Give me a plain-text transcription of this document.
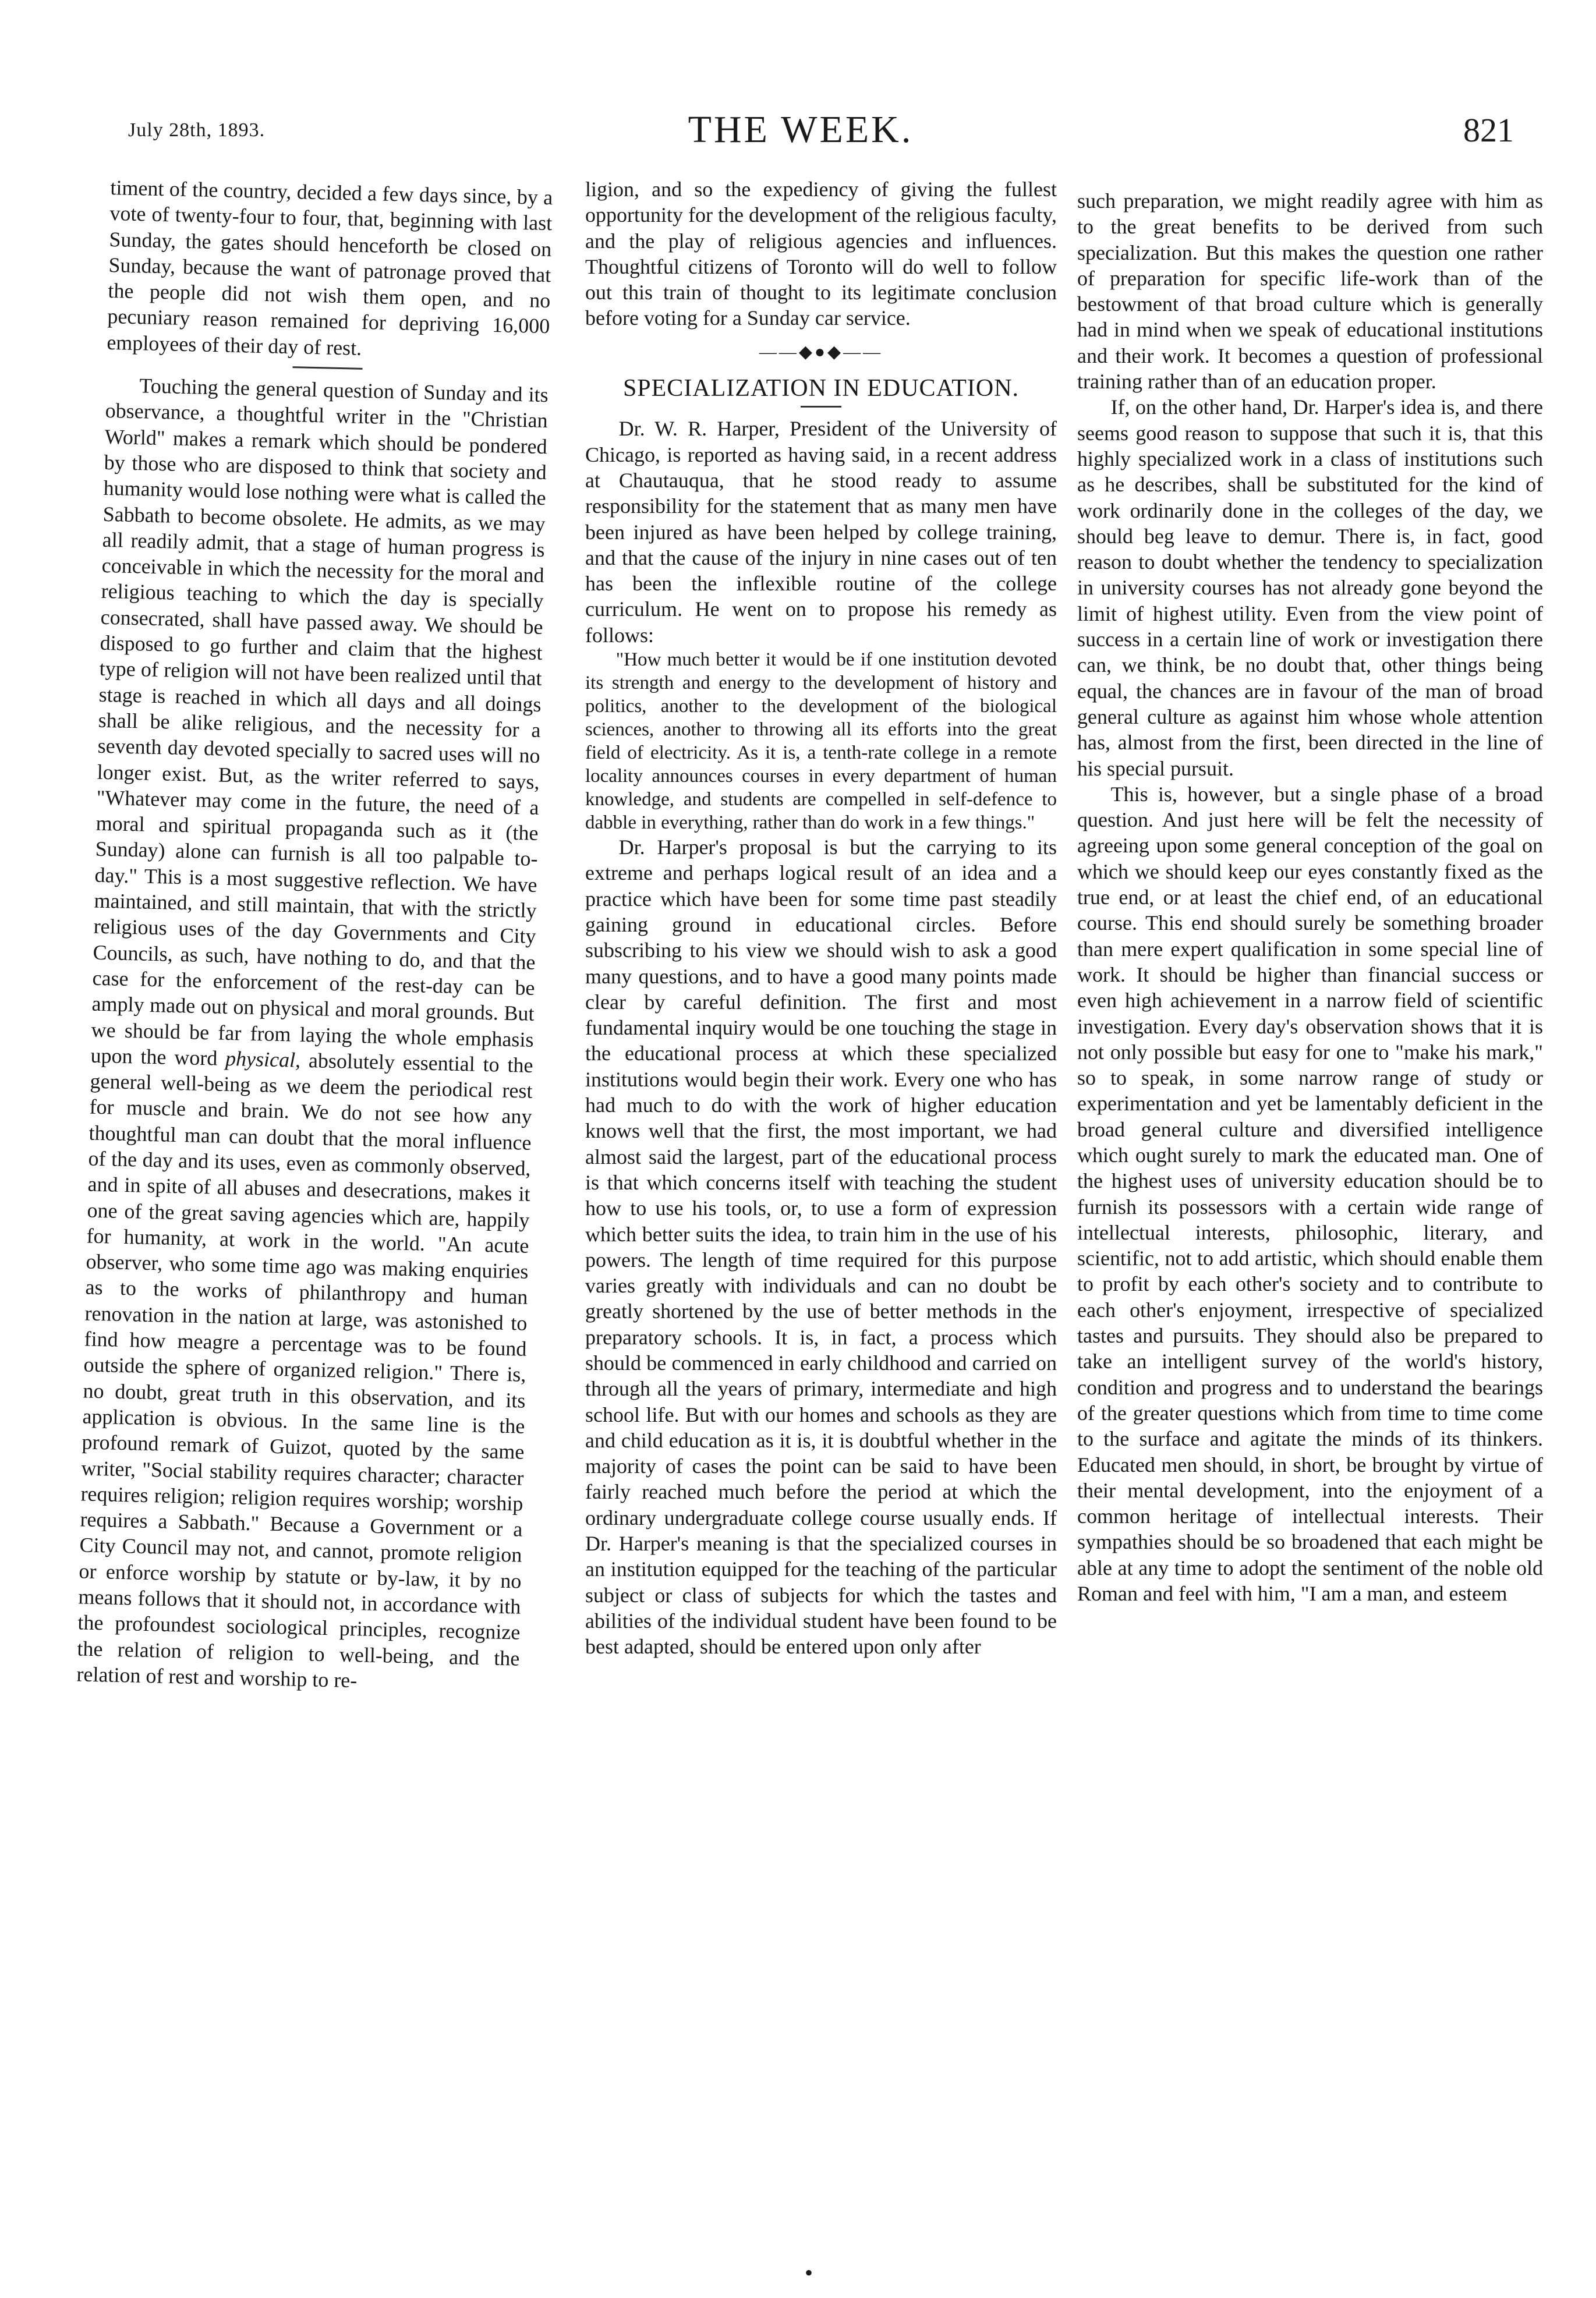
July 28th, 1893.	THE WEEK.	821

timent of the country, decided a few days since, by a vote of twenty-four to four, that, beginning with last Sunday, the gates should henceforth be closed on Sunday, because the want of patronage proved that the people did not wish them open, and no pecuniary reason remained for depriving 16,000 employees of their day of rest.

Touching the general question of Sunday and its observance, a thoughtful writer in the "Christian World" makes a remark which should be pondered by those who are disposed to think that society and humanity would lose nothing were what is called the Sabbath to become obsolete. He admits, as we may all readily admit, that a stage of human progress is conceivable in which the necessity for the moral and religious teaching to which the day is specially consecrated, shall have passed away. We should be disposed to go further and claim that the highest type of religion will not have been realized until that stage is reached in which all days and all doings shall be alike religious, and the necessity for a seventh day devoted specially to sacred uses will no longer exist. But, as the writer referred to says, "Whatever may come in the future, the need of a moral and spiritual propaganda such as it (the Sunday) alone can furnish is all too palpable to-day." This is a most suggestive reflection. We have maintained, and still maintain, that with the strictly religious uses of the day Governments and City Councils, as such, have nothing to do, and that the case for the enforcement of the rest-day can be amply made out on physical and moral grounds. But we should be far from laying the whole emphasis upon the word physical, absolutely essential to the general well-being as we deem the periodical rest for muscle and brain. We do not see how any thoughtful man can doubt that the moral influence of the day and its uses, even as commonly observed, and in spite of all abuses and desecrations, makes it one of the great saving agencies which are, happily for humanity, at work in the world. "An acute observer, who some time ago was making enquiries as to the works of philanthropy and human renovation in the nation at large, was astonished to find how meagre a percentage was to be found outside the sphere of organized religion." There is, no doubt, great truth in this observation, and its application is obvious. In the same line is the profound remark of Guizot, quoted by the same writer, "Social stability requires character; character requires religion; religion requires worship; worship requires a Sabbath." Because a Government or a City Council may not, and cannot, promote religion or enforce worship by statute or by-law, it by no means follows that it should not, in accordance with the profoundest sociological principles, recognize the relation of religion to well-being, and the relation of rest and worship to re-

ligion, and so the expediency of giving the fullest opportunity for the development of the religious faculty, and the play of religious agencies and influences. Thoughtful citizens of Toronto will do well to follow out this train of thought to its legitimate conclusion before voting for a Sunday car service.

——◆●◆——
SPECIALIZATION IN EDUCATION.

Dr. W. R. Harper, President of the University of Chicago, is reported as having said, in a recent address at Chautauqua, that he stood ready to assume responsibility for the statement that as many men have been injured as have been helped by college training, and that the cause of the injury in nine cases out of ten has been the inflexible routine of the college curriculum. He went on to propose his remedy as follows:

"How much better it would be if one institution devoted its strength and energy to the development of history and politics, another to the development of the biological sciences, another to throwing all its efforts into the great field of electricity. As it is, a tenth-rate college in a remote locality announces courses in every department of human knowledge, and students are compelled in self-defence to dabble in everything, rather than do work in a few things."

Dr. Harper's proposal is but the carrying to its extreme and perhaps logical result of an idea and a practice which have been for some time past steadily gaining ground in educational circles. Before subscribing to his view we should wish to ask a good many questions, and to have a good many points made clear by careful definition. The first and most fundamental inquiry would be one touching the stage in the educational process at which these specialized institutions would begin their work. Every one who has had much to do with the work of higher education knows well that the first, the most important, we had almost said the largest, part of the educational process is that which concerns itself with teaching the student how to use his tools, or, to use a form of expression which better suits the idea, to train him in the use of his powers. The length of time required for this purpose varies greatly with individuals and can no doubt be greatly shortened by the use of better methods in the preparatory schools. It is, in fact, a process which should be commenced in early childhood and carried on through all the years of primary, intermediate and high school life. But with our homes and schools as they are and child education as it is, it is doubtful whether in the majority of cases the point can be said to have been fairly reached much before the period at which the ordinary undergraduate college course usually ends. If Dr. Harper's meaning is that the specialized courses in an institution equipped for the teaching of the particular subject or class of subjects for which the tastes and abilities of the individual student have been found to be best adapted, should be entered upon only after

such preparation, we might readily agree with him as to the great benefits to be derived from such specialization. But this makes the question one rather of preparation for specific life-work than of the bestowment of that broad culture which is generally had in mind when we speak of educational institutions and their work. It becomes a question of professional training rather than of an education proper.

If, on the other hand, Dr. Harper's idea is, and there seems good reason to suppose that such it is, that this highly specialized work in a class of institutions such as he describes, shall be substituted for the kind of work ordinarily done in the colleges of the day, we should beg leave to demur. There is, in fact, good reason to doubt whether the tendency to specialization in university courses has not already gone beyond the limit of highest utility. Even from the view point of success in a certain line of work or investigation there can, we think, be no doubt that, other things being equal, the chances are in favour of the man of broad general culture as against him whose whole attention has, almost from the first, been directed in the line of his special pursuit.

This is, however, but a single phase of a broad question. And just here will be felt the necessity of agreeing upon some general conception of the goal on which we should keep our eyes constantly fixed as the true end, or at least the chief end, of an educational course. This end should surely be something broader than mere expert qualification in some special line of work. It should be higher than financial success or even high achievement in a narrow field of scientific investigation. Every day's observation shows that it is not only possible but easy for one to "make his mark," so to speak, in some narrow range of study or experimentation and yet be lamentably deficient in the broad general culture and diversified intelligence which ought surely to mark the educated man. One of the highest uses of university education should be to furnish its possessors with a certain wide range of intellectual interests, philosophic, literary, and scientific, not to add artistic, which should enable them to profit by each other's society and to contribute to each other's enjoyment, irrespective of specialized tastes and pursuits. They should also be prepared to take an intelligent survey of the world's history, condition and progress and to understand the bearings of the greater questions which from time to time come to the surface and agitate the minds of its thinkers. Educated men should, in short, be brought by virtue of their mental development, into the enjoyment of a common heritage of intellectual interests. Their sympathies should be so broadened that each might be able at any time to adopt the sentiment of the noble old Roman and feel with him, "I am a man, and esteem

•
